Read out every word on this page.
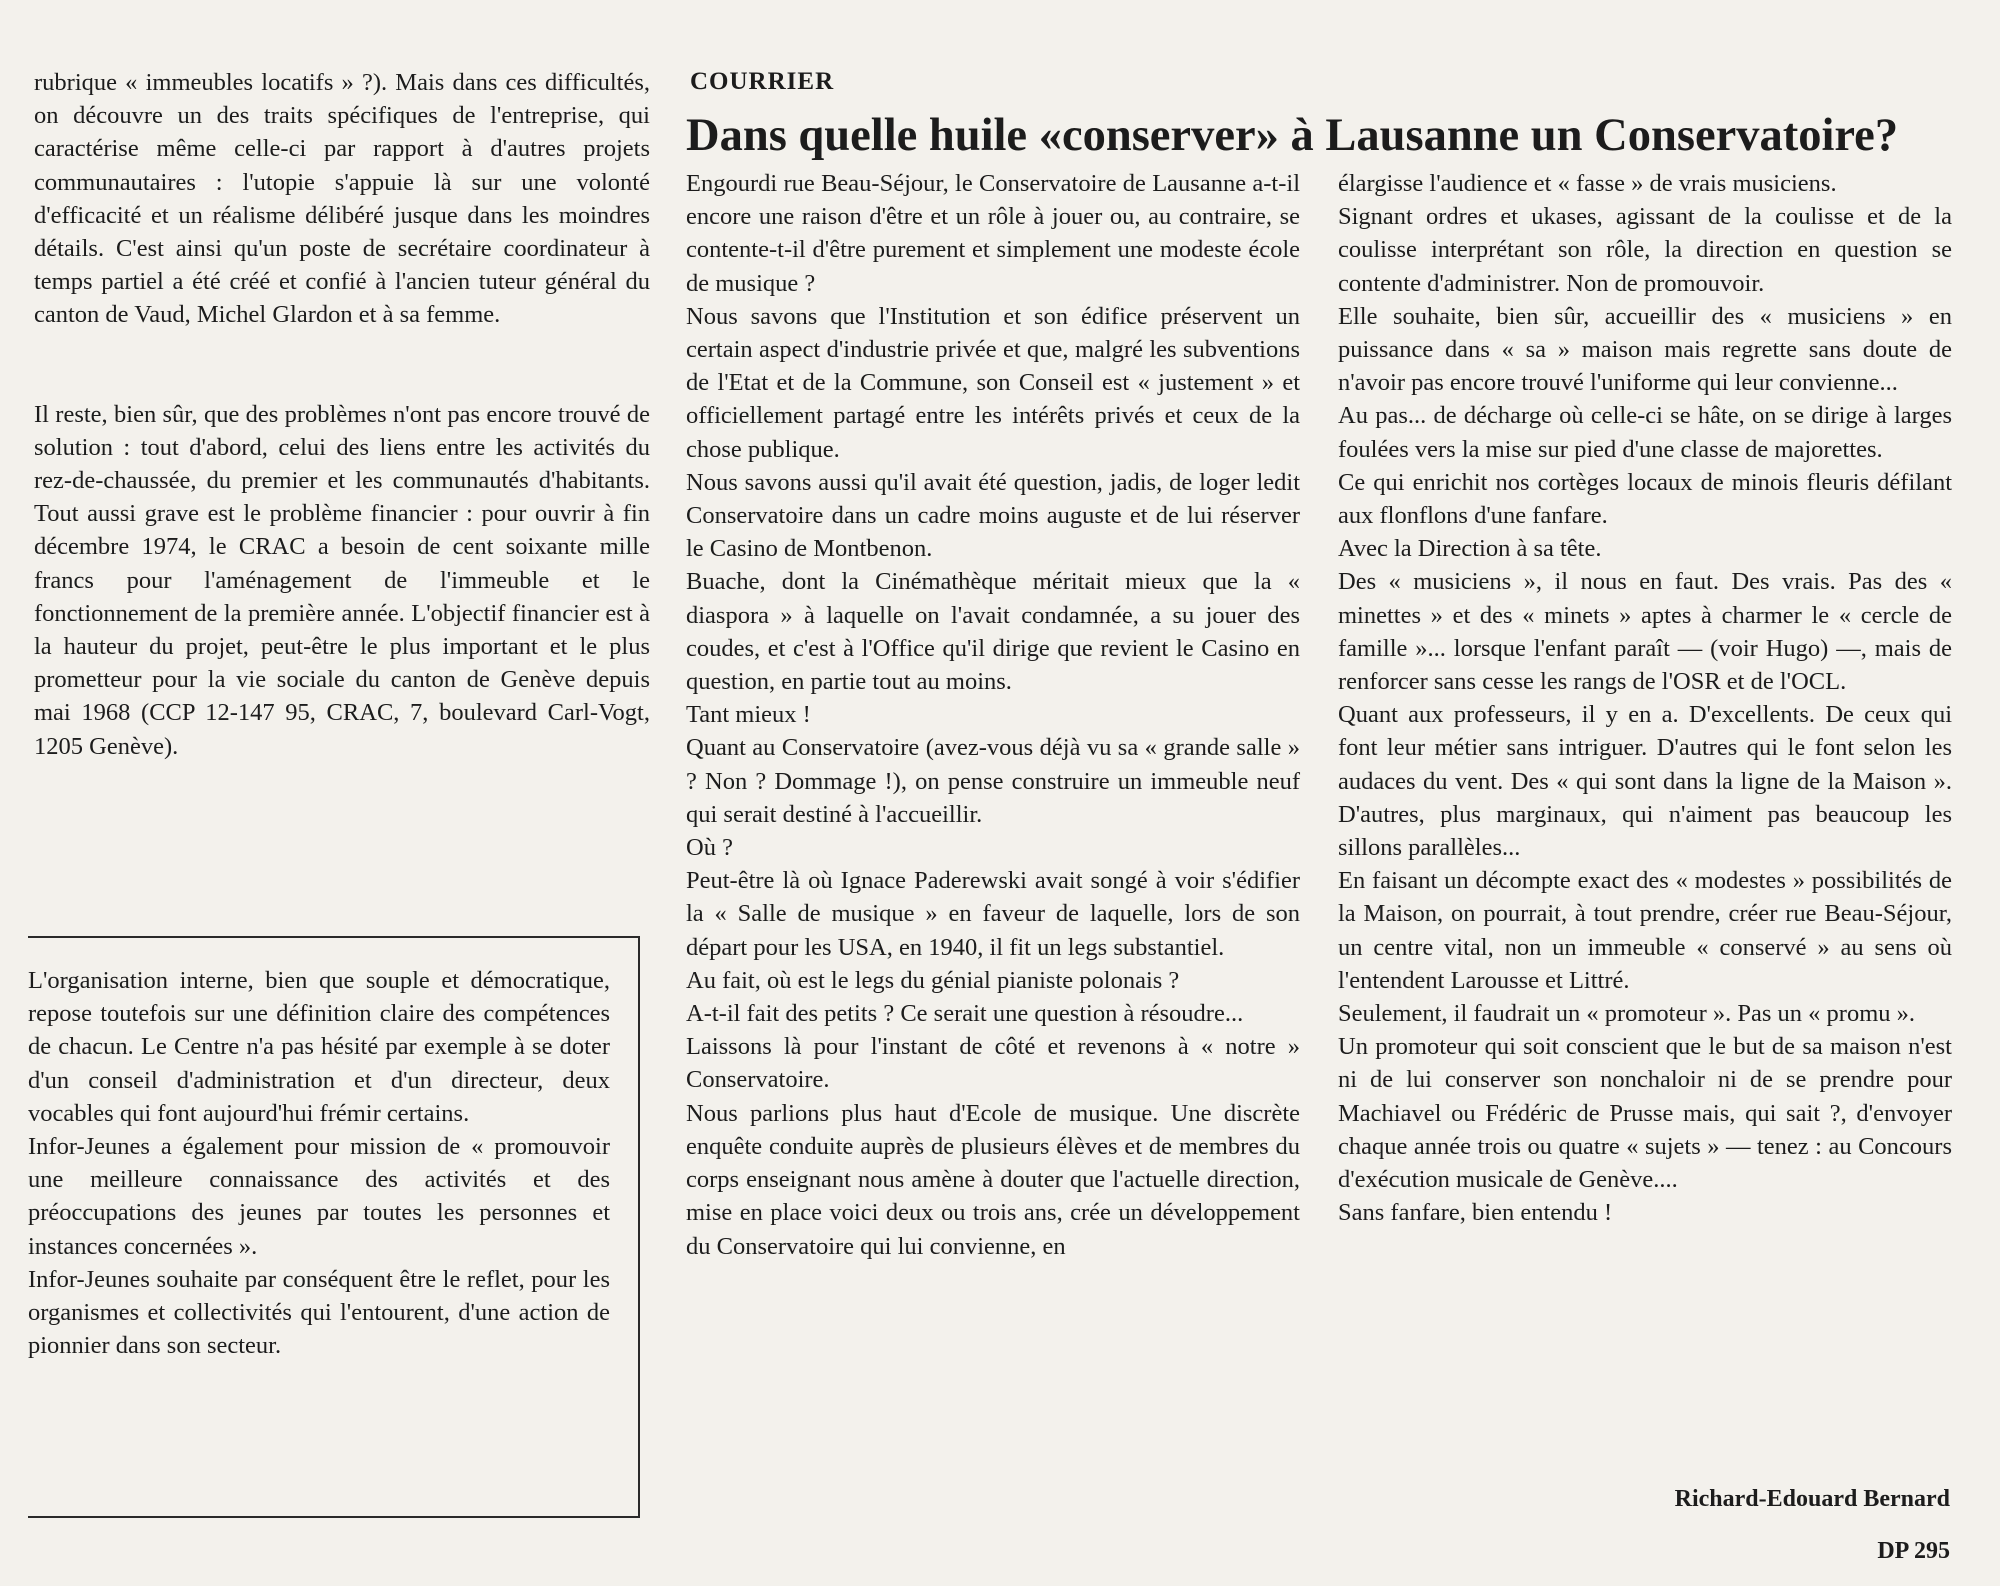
rubrique « immeubles locatifs » ?). Mais dans ces difficultés, on découvre un des traits spécifiques de l'entreprise, qui caractérise même celle-ci par rapport à d'autres projets communautaires : l'utopie s'appuie là sur une volonté d'efficacité et un réalisme délibéré jusque dans les moindres détails. C'est ainsi qu'un poste de secrétaire coordinateur à temps partiel a été créé et confié à l'ancien tuteur général du canton de Vaud, Michel Glardon et à sa femme.

Il reste, bien sûr, que des problèmes n'ont pas encore trouvé de solution : tout d'abord, celui des liens entre les activités du rez-de-chaussée, du premier et les communautés d'habitants. Tout aussi grave est le problème financier : pour ouvrir à fin décembre 1974, le CRAC a besoin de cent soixante mille francs pour l'aménagement de l'immeuble et le fonctionnement de la première année. L'objectif financier est à la hauteur du projet, peut-être le plus important et le plus prometteur pour la vie sociale du canton de Genève depuis mai 1968 (CCP 12-147 95, CRAC, 7, boulevard Carl-Vogt, 1205 Genève).

L'organisation interne, bien que souple et démocratique, repose toutefois sur une définition claire des compétences de chacun. Le Centre n'a pas hésité par exemple à se doter d'un conseil d'administration et d'un directeur, deux vocables qui font aujourd'hui frémir certains.

Infor-Jeunes a également pour mission de « promouvoir une meilleure connaissance des activités et des préoccupations des jeunes par toutes les personnes et instances concernées ».

Infor-Jeunes souhaite par conséquent être le reflet, pour les organismes et collectivités qui l'entourent, d'une action de pionnier dans son secteur.

COURRIER
Dans quelle huile «conserver» à Lausanne un Conservatoire?

Engourdi rue Beau-Séjour, le Conservatoire de Lausanne a-t-il encore une raison d'être et un rôle à jouer ou, au contraire, se contente-t-il d'être purement et simplement une modeste école de musique ?

Nous savons que l'Institution et son édifice préservent un certain aspect d'industrie privée et que, malgré les subventions de l'Etat et de la Commune, son Conseil est « justement » et officiellement partagé entre les intérêts privés et ceux de la chose publique.

Nous savons aussi qu'il avait été question, jadis, de loger ledit Conservatoire dans un cadre moins auguste et de lui réserver le Casino de Montbenon.

Buache, dont la Cinémathèque méritait mieux que la « diaspora » à laquelle on l'avait condamnée, a su jouer des coudes, et c'est à l'Office qu'il dirige que revient le Casino en question, en partie tout au moins.

Tant mieux !

Quant au Conservatoire (avez-vous déjà vu sa « grande salle » ? Non ? Dommage !), on pense construire un immeuble neuf qui serait destiné à l'accueillir.

Où ?

Peut-être là où Ignace Paderewski avait songé à voir s'édifier la « Salle de musique » en faveur de laquelle, lors de son départ pour les USA, en 1940, il fit un legs substantiel.

Au fait, où est le legs du génial pianiste polonais ?

A-t-il fait des petits ? Ce serait une question à résoudre...

Laissons là pour l'instant de côté et revenons à « notre » Conservatoire.

Nous parlions plus haut d'Ecole de musique. Une discrète enquête conduite auprès de plusieurs élèves et de membres du corps enseignant nous amène à douter que l'actuelle direction, mise en place voici deux ou trois ans, crée un développement du Conservatoire qui lui convienne, en

élargisse l'audience et « fasse » de vrais musiciens.

Signant ordres et ukases, agissant de la coulisse et de la coulisse interprétant son rôle, la direction en question se contente d'administrer. Non de promouvoir.

Elle souhaite, bien sûr, accueillir des « musiciens » en puissance dans « sa » maison mais regrette sans doute de n'avoir pas encore trouvé l'uniforme qui leur convienne...

Au pas... de décharge où celle-ci se hâte, on se dirige à larges foulées vers la mise sur pied d'une classe de majorettes.

Ce qui enrichit nos cortèges locaux de minois fleuris défilant aux flonflons d'une fanfare.

Avec la Direction à sa tête.

Des « musiciens », il nous en faut. Des vrais. Pas des « minettes » et des « minets » aptes à charmer le « cercle de famille »... lorsque l'enfant paraît — (voir Hugo) —, mais de renforcer sans cesse les rangs de l'OSR et de l'OCL.

Quant aux professeurs, il y en a. D'excellents. De ceux qui font leur métier sans intriguer. D'autres qui le font selon les audaces du vent. Des « qui sont dans la ligne de la Maison ». D'autres, plus marginaux, qui n'aiment pas beaucoup les sillons parallèles...

En faisant un décompte exact des « modestes » possibilités de la Maison, on pourrait, à tout prendre, créer rue Beau-Séjour, un centre vital, non un immeuble « conservé » au sens où l'entendent Larousse et Littré.

Seulement, il faudrait un « promoteur ». Pas un « promu ».

Un promoteur qui soit conscient que le but de sa maison n'est ni de lui conserver son nonchaloir ni de se prendre pour Machiavel ou Frédéric de Prusse mais, qui sait ?, d'envoyer chaque année trois ou quatre « sujets » — tenez : au Concours d'exécution musicale de Genève....

Sans fanfare, bien entendu !

Richard-Edouard Bernard
DP 295
